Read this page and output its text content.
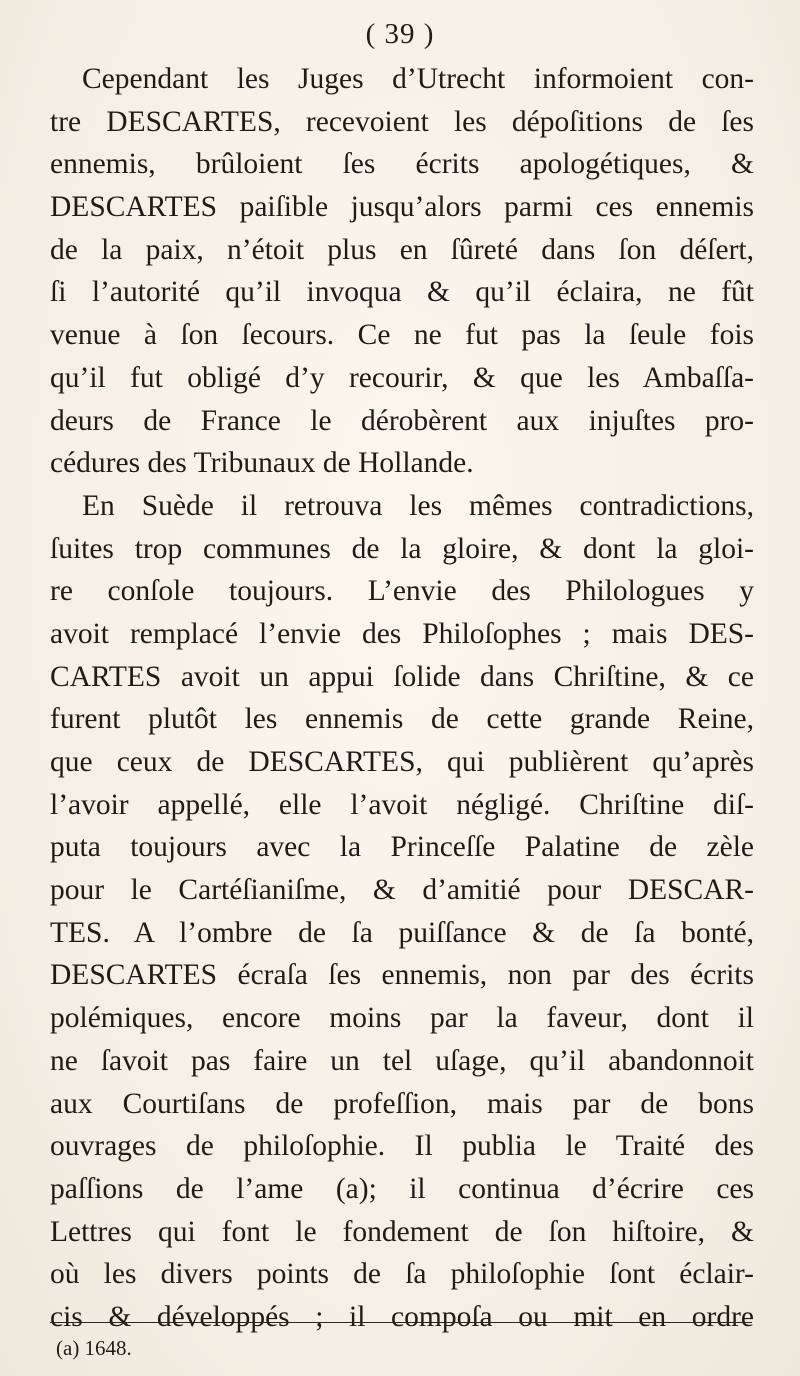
( 39 )
Cependant les Juges d’Utrecht informoient con-
tre DESCARTES, recevoient les dépoſitions de ſes
ennemis, brûloient ſes écrits apologétiques, &
DESCARTES paiſible jusqu’alors parmi ces ennemis
de la paix, n’étoit plus en ſûreté dans ſon déſert,
ſi l’autorité qu’il invoqua & qu’il éclaira, ne fût
venue à ſon ſecours. Ce ne fut pas la ſeule fois
qu’il fut obligé d’y recourir, & que les Ambaſſa-
deurs de France le dérobèrent aux injuſtes pro-
cédures des Tribunaux de Hollande.
En Suède il retrouva les mêmes contradictions,
ſuites trop communes de la gloire, & dont la gloi-
re conſole toujours. L’envie des Philologues y
avoit remplacé l’envie des Philoſophes ; mais DES-
CARTES avoit un appui ſolide dans Chriſtine, & ce
furent plutôt les ennemis de cette grande Reine,
que ceux de DESCARTES, qui publièrent qu’après
l’avoir appellé, elle l’avoit négligé. Chriſtine diſ-
puta toujours avec la Princeſſe Palatine de zèle
pour le Cartéſianiſme, & d’amitié pour DESCAR-
TES. A l’ombre de ſa puiſſance & de ſa bonté,
DESCARTES écraſa ſes ennemis, non par des écrits
polémiques, encore moins par la faveur, dont il
ne ſavoit pas faire un tel uſage, qu’il abandonnoit
aux Courtiſans de profeſſion, mais par de bons
ouvrages de philoſophie. Il publia le Traité des
paſſions de l’ame (a); il continua d’écrire ces
Lettres qui font le fondement de ſon hiſtoire, &
où les divers points de ſa philoſophie ſont éclair-
cis & développés ; il compoſa ou mit en ordre
(a) 1648.
